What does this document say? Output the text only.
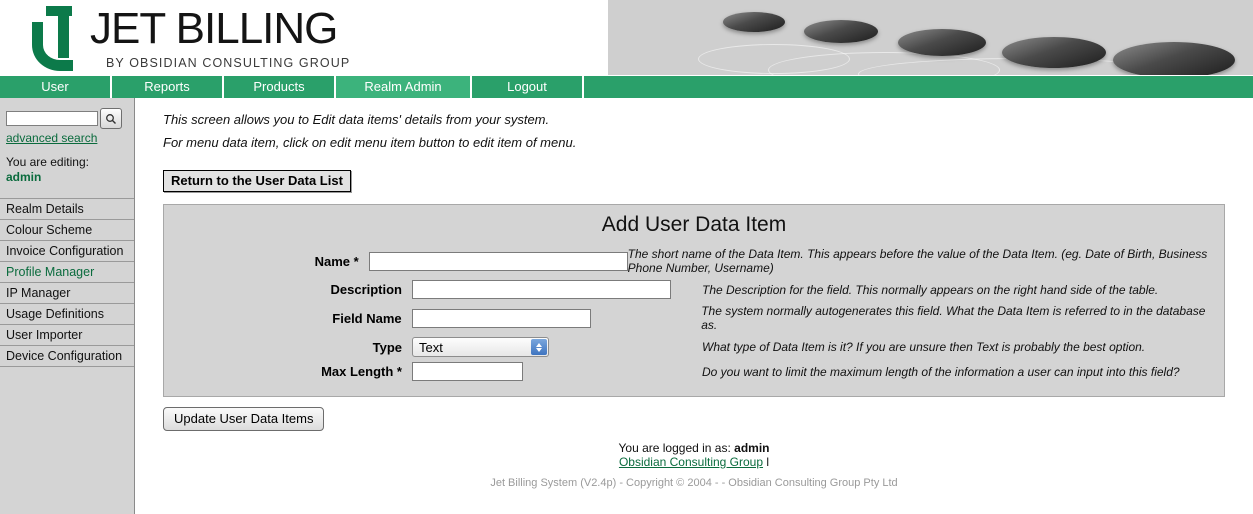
JET BILLING
BY OBSIDIAN CONSULTING GROUP
User	Reports	Products	Realm Admin	Logout
advanced search
You are editing:
admin
Realm Details
Colour Scheme
Invoice Configuration
Profile Manager
IP Manager
Usage Definitions
User Importer
Device Configuration
This screen allows you to Edit data items' details from your system.
For menu data item, click on edit menu item button to edit item of menu.
Return to the User Data List
Add User Data Item
Name *	The short name of the Data Item. This appears before the value of the Data Item. (eg. Date of Birth, Business Phone Number, Username)
Description	The Description for the field. This normally appears on the right hand side of the table.
Field Name	The system normally autogenerates this field. What the Data Item is referred to in the database as.
Type	Text	What type of Data Item is it? If you are unsure then Text is probably the best option.
Max Length *	Do you want to limit the maximum length of the information a user can input into this field?
Update User Data Items
You are logged in as: admin
Obsidian Consulting Group l
Jet Billing System (V2.4p) - Copyright © 2004 - - Obsidian Consulting Group Pty Ltd
